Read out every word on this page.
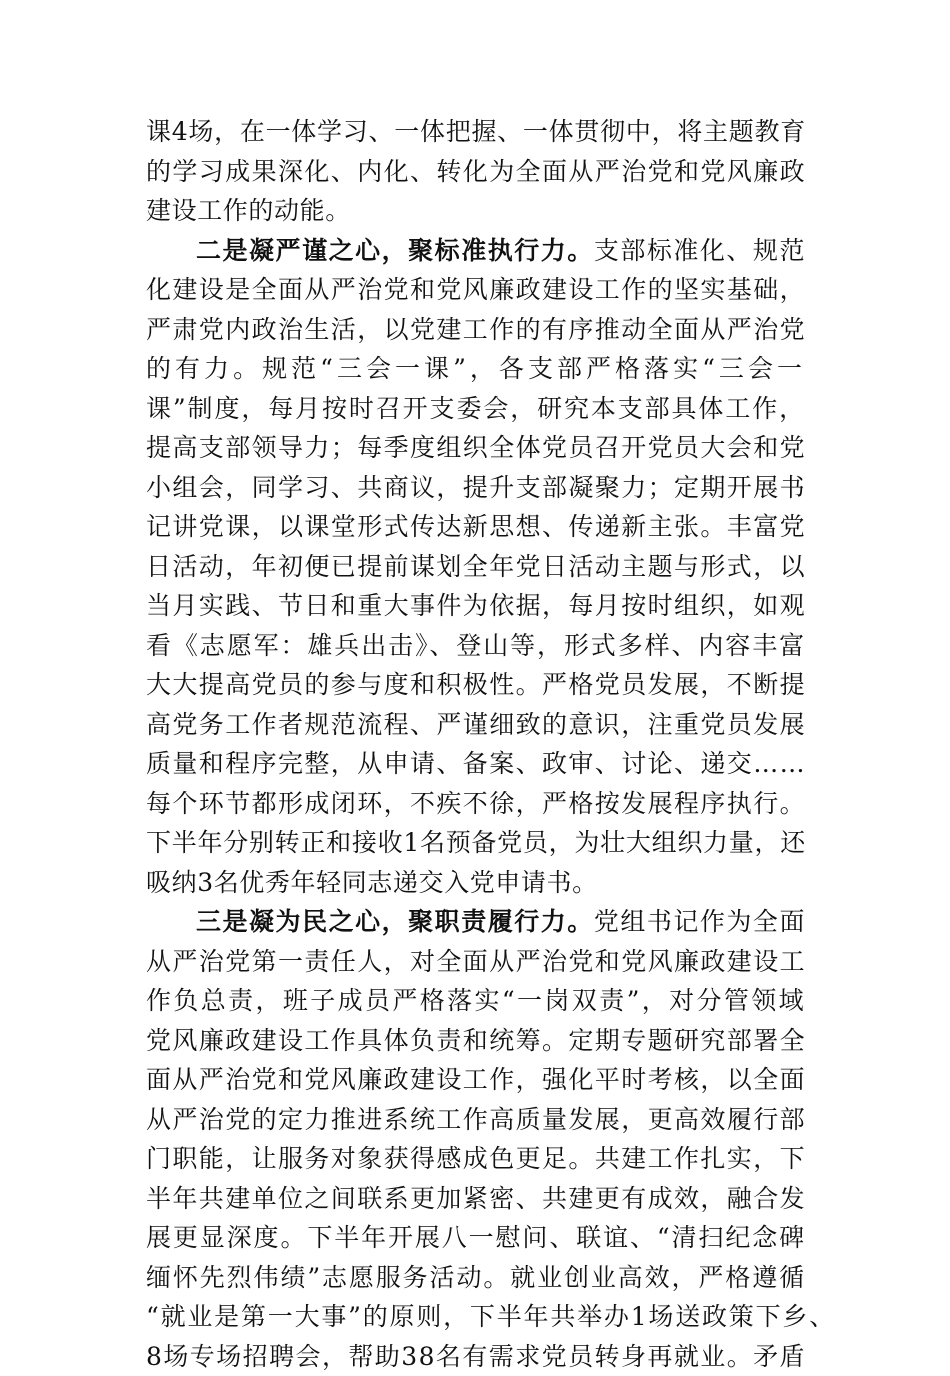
课4场，在一体学习、一体把握、一体贯彻中，将主题教育
的学习成果深化、内化、转化为全面从严治党和党风廉政
建设工作的动能。
二是凝严谨之心，聚标准执行力。支部标准化、规范
化建设是全面从严治党和党风廉政建设工作的坚实基础，
严肃党内政治生活，以党建工作的有序推动全面从严治党
的有力。规范“三会一课”，各支部严格落实“三会一
课”制度，每月按时召开支委会，研究本支部具体工作，
提高支部领导力；每季度组织全体党员召开党员大会和党
小组会，同学习、共商议，提升支部凝聚力；定期开展书
记讲党课，以课堂形式传达新思想、传递新主张。丰富党
日活动，年初便已提前谋划全年党日活动主题与形式，以
当月实践、节日和重大事件为依据，每月按时组织，如观
看《志愿军：雄兵出击》、登山等，形式多样、内容丰富
大大提高党员的参与度和积极性。严格党员发展，不断提
高党务工作者规范流程、严谨细致的意识，注重党员发展
质量和程序完整，从申请、备案、政审、讨论、递交……
每个环节都形成闭环，不疾不徐，严格按发展程序执行。
下半年分别转正和接收1名预备党员，为壮大组织力量，还
吸纳3名优秀年轻同志递交入党申请书。
三是凝为民之心，聚职责履行力。党组书记作为全面
从严治党第一责任人，对全面从严治党和党风廉政建设工
作负总责，班子成员严格落实“一岗双责”，对分管领域
党风廉政建设工作具体负责和统筹。定期专题研究部署全
面从严治党和党风廉政建设工作，强化平时考核，以全面
从严治党的定力推进系统工作高质量发展，更高效履行部
门职能，让服务对象获得感成色更足。共建工作扎实，下
半年共建单位之间联系更加紧密、共建更有成效，融合发
展更显深度。下半年开展八一慰问、联谊、“清扫纪念碑
缅怀先烈伟绩”志愿服务活动。就业创业高效，严格遵循
“就业是第一大事”的原则，下半年共举办1场送政策下乡、
8场专场招聘会，帮助38名有需求党员转身再就业。矛盾
